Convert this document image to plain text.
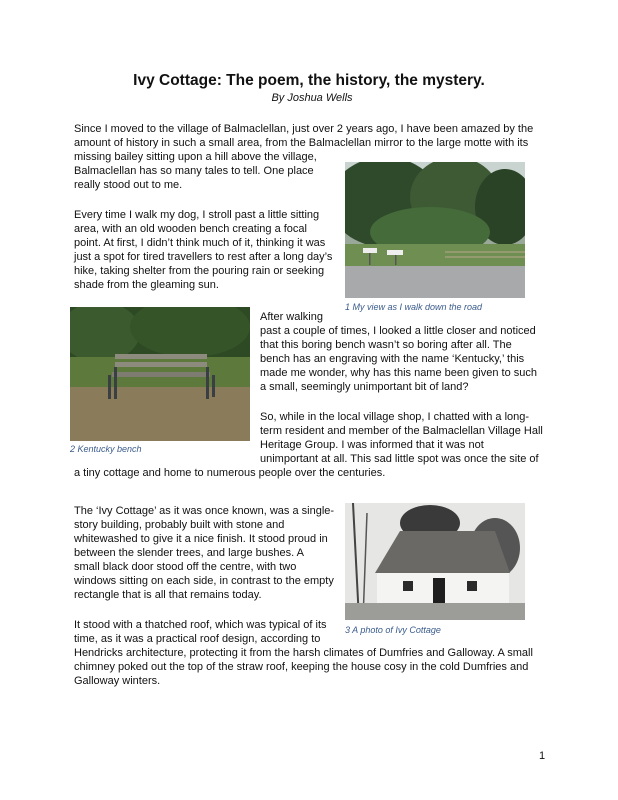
Ivy Cottage: The poem, the history, the mystery.
By Joshua Wells
Since I moved to the village of Balmaclellan, just over 2 years ago, I have been amazed by the
amount of history in such a small area, from the Balmaclellan mirror to the large motte with its
missing bailey sitting upon a hill above the village,
Balmaclellan has so many tales to tell. One place
really stood out to me.
Every time I walk my dog, I stroll past a little sitting
area, with an old wooden bench creating a focal
point. At first, I didn’t think much of it, thinking it was
just a spot for tired travellers to rest after a long day’s
hike, taking shelter from the pouring rain or seeking
shade from the gleaming sun.
After walking
past a couple of times, I looked a little closer and noticed
that this boring bench wasn’t so boring after all. The
bench has an engraving with the name ‘Kentucky,’ this
made me wonder, why has this name been given to such
a small, seemingly unimportant bit of land?
So, while in the local village shop, I chatted with a long-
term resident and member of the Balmaclellan Village Hall
Heritage Group. I was informed that it was not
unimportant at all. This sad little spot was once the site of
a tiny cottage and home to numerous people over the centuries.
The ‘Ivy Cottage’ as it was once known, was a single-
story building, probably built with stone and
whitewashed to give it a nice finish. It stood proud in
between the slender trees, and large bushes. A
small black door stood off the centre, with two
windows sitting on each side, in contrast to the empty
rectangle that is all that remains today.
It stood with a thatched roof, which was typical of its
time, as it was a practical roof design, according to
Hendricks architecture, protecting it from the harsh climates of Dumfries and Galloway. A small
chimney poked out the top of the straw roof, keeping the house cosy in the cold Dumfries and
Galloway winters.
1 My view as I walk down the road
2 Kentucky bench
3 A photo of Ivy Cottage
1
